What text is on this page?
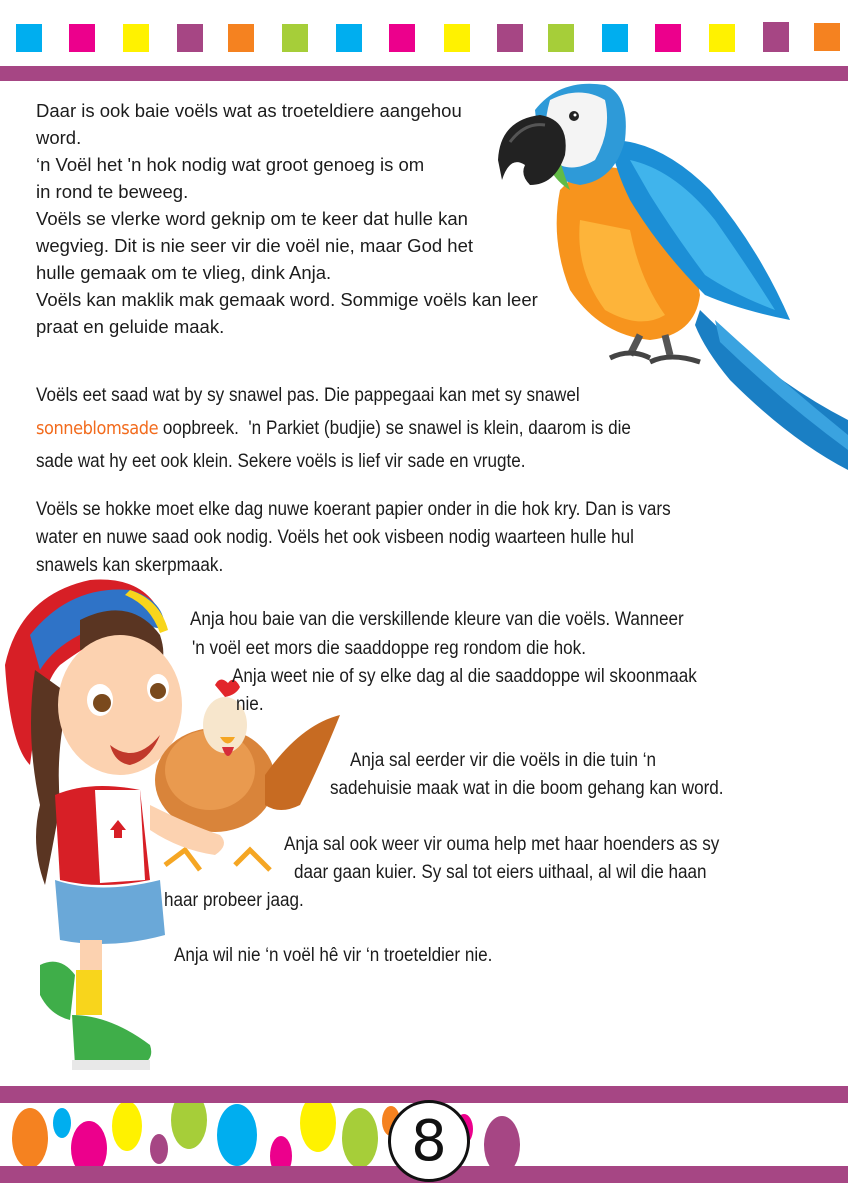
Daar is ook baie voëls wat as troeteldiere aangehou
word.
‘n Voël het 'n hok nodig wat groot genoeg is om
in rond te beweeg.
Voëls se vlerke word geknip om te keer dat hulle kan
wegvieg. Dit is nie seer vir die voël nie, maar God het
hulle gemaak om te vlieg, dink Anja.
Voëls kan maklik mak gemaak word. Sommige voëls kan leer
praat en geluide maak.
Voëls eet saad wat by sy snawel pas. Die pappegaai kan met sy snawel
sonneblomsade oopbreek.  'n Parkiet (budjie) se snawel is klein, daarom is die
sade wat hy eet ook klein. Sekere voëls is lief vir sade en vrugte.
Voëls se hokke moet elke dag nuwe koerant papier onder in die hok kry. Dan is vars
water en nuwe saad ook nodig. Voëls het ook visbeen nodig waarteen hulle hul
snawels kan skerpmaak.
Anja hou baie van die verskillende kleure van die voëls. Wanneer
'n voël eet mors die saaddoppe reg rondom die hok.
Anja weet nie of sy elke dag al die saaddoppe wil skoonmaak
nie.
Anja sal eerder vir die voëls in die tuin ‘n
sadehuisie maak wat in die boom gehang kan word.
Anja sal ook weer vir ouma help met haar hoenders as sy
daar gaan kuier. Sy sal tot eiers uithaal, al wil die haan
haar probeer jaag.
Anja wil nie ‘n voël hê vir ‘n troeteldier nie.
8
